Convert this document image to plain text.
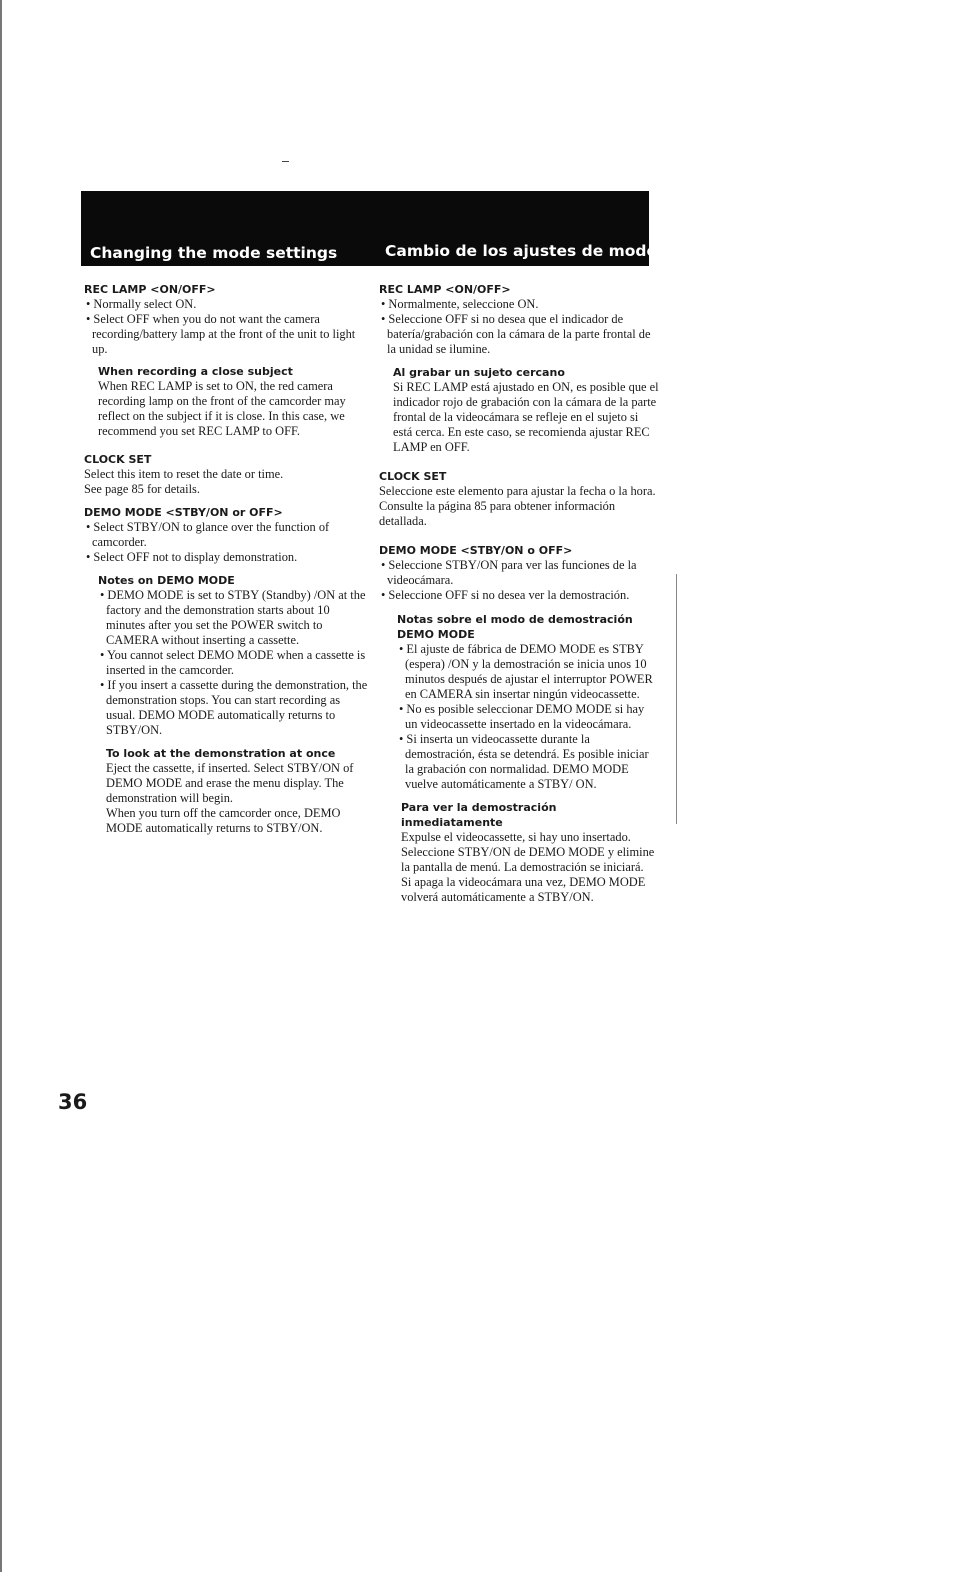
Changing the mode settings	Cambio de los ajustes de modo

REC LAMP <ON/OFF>

• Normally select ON.

• Select OFF when you do not want the camera recording/battery lamp at the front of the unit to light up.

When recording a close subject

When REC LAMP is set to ON, the red camera recording lamp on the front of the camcorder may reflect on the subject if it is close. In this case, we recommend you set REC LAMP to OFF.

CLOCK SET

Select this item to reset the date or time.

See page 85 for details.

DEMO MODE <STBY/ON or OFF>

• Select STBY/ON to glance over the function of camcorder.

• Select OFF not to display demonstration.

Notes on DEMO MODE

• DEMO MODE is set to STBY (Standby) /ON at the factory and the demonstration starts about 10 minutes after you set the POWER switch to CAMERA without inserting a cassette.

• You cannot select DEMO MODE when a cassette is inserted in the camcorder.

• If you insert a cassette during the demonstration, the demonstration stops. You can start recording as usual. DEMO MODE automatically returns to STBY/ON.

To look at the demonstration at once

Eject the cassette, if inserted. Select STBY/ON of DEMO MODE and erase the menu display. The demonstration will begin.

When you turn off the camcorder once, DEMO MODE automatically returns to STBY/ON.

REC LAMP <ON/OFF>

• Normalmente, seleccione ON.

• Seleccione OFF si no desea que el indicador de batería/grabación con la cámara de la parte frontal de la unidad se ilumine.

Al grabar un sujeto cercano

Si REC LAMP está ajustado en ON, es posible que el indicador rojo de grabación con la cámara de la parte frontal de la videocámara se refleje en el sujeto si está cerca. En este caso, se recomienda ajustar REC LAMP en OFF.

CLOCK SET

Seleccione este elemento para ajustar la fecha o la hora.

Consulte la página 85 para obtener información detallada.

DEMO MODE <STBY/ON o OFF>

• Seleccione STBY/ON para ver las funciones de la videocámara.

• Seleccione OFF si no desea ver la demostración.

Notas sobre el modo de demostración DEMO MODE

• El ajuste de fábrica de DEMO MODE es STBY (espera) /ON y la demostración se inicia unos 10 minutos después de ajustar el interruptor POWER en CAMERA sin insertar ningún videocassette.

• No es posible seleccionar DEMO MODE si hay un videocassette insertado en la videocámara.

• Si inserta un videocassette durante la demostración, ésta se detendrá. Es posible iniciar la grabación con normalidad. DEMO MODE vuelve automáticamente a STBY/ ON.

Para ver la demostración inmediatamente

Expulse el videocassette, si hay uno insertado. Seleccione STBY/ON de DEMO MODE y elimine la pantalla de menú. La demostración se iniciará.

Si apaga la videocámara una vez, DEMO MODE volverá automáticamente a STBY/ON.

36
